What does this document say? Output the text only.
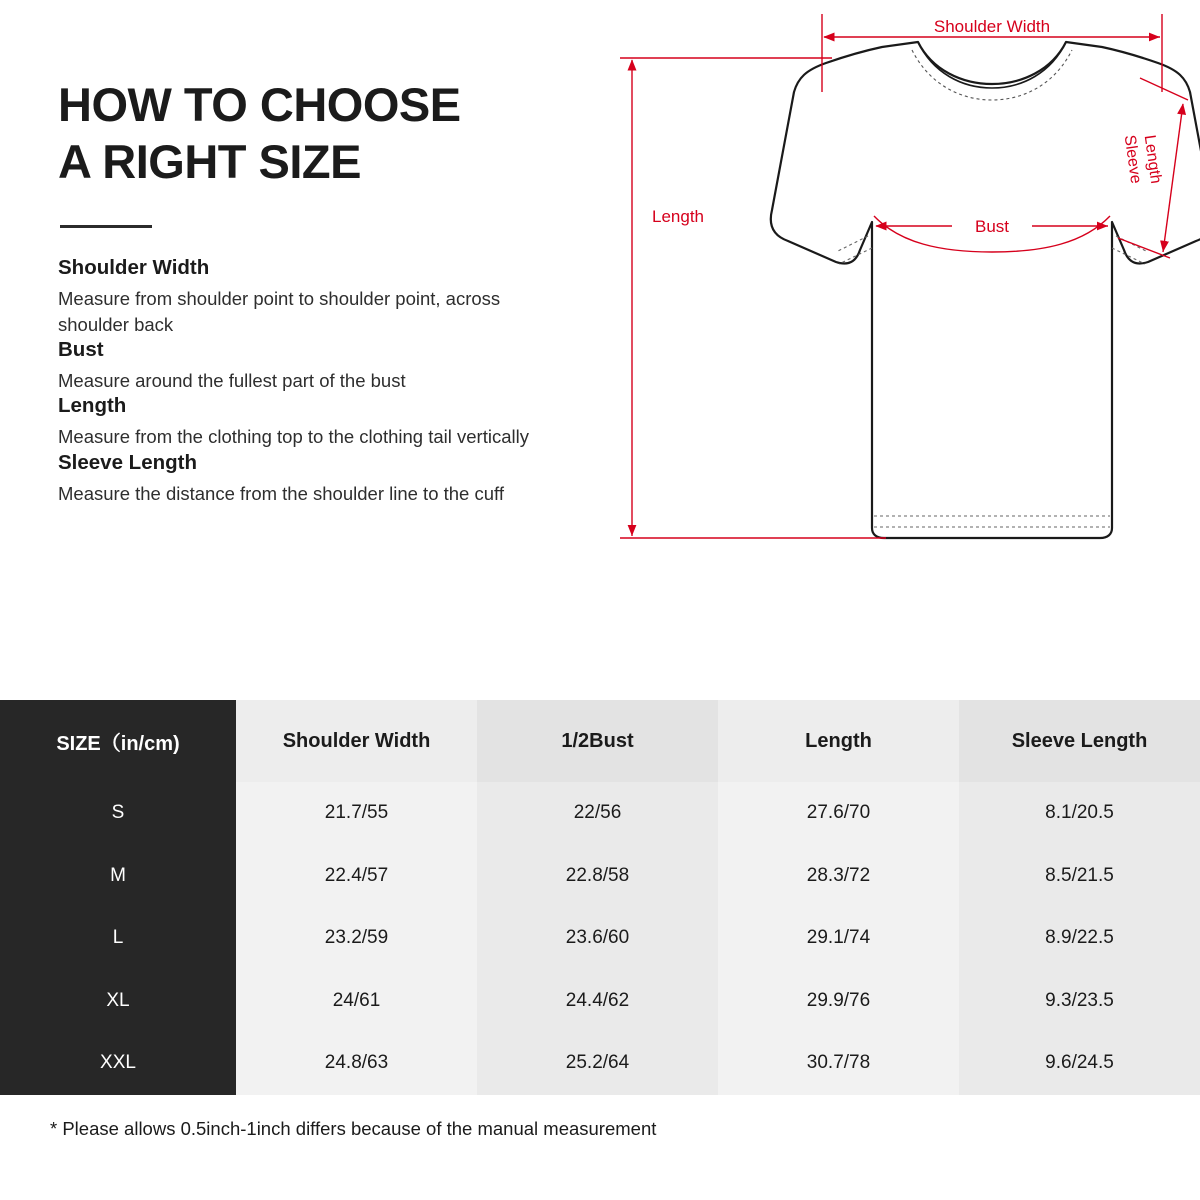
HOW TO CHOOSE
A RIGHT SIZE
Shoulder Width
Measure from shoulder point to shoulder point, across shoulder back
Bust
Measure around the fullest part of the bust
Length
Measure from the clothing top to the clothing tail vertically
Sleeve Length
Measure the distance from the shoulder line to the cuff
Shoulder Width
Length
Bust
Sleeve
Length
SIZE（in/cm)	Shoulder Width	1/2Bust	Length	Sleeve Length
S	21.7/55	22/56	27.6/70	8.1/20.5
M	22.4/57	22.8/58	28.3/72	8.5/21.5
L	23.2/59	23.6/60	29.1/74	8.9/22.5
XL	24/61	24.4/62	29.9/76	9.3/23.5
XXL	24.8/63	25.2/64	30.7/78	9.6/24.5
* Please allows 0.5inch-1inch differs because of the manual measurement
